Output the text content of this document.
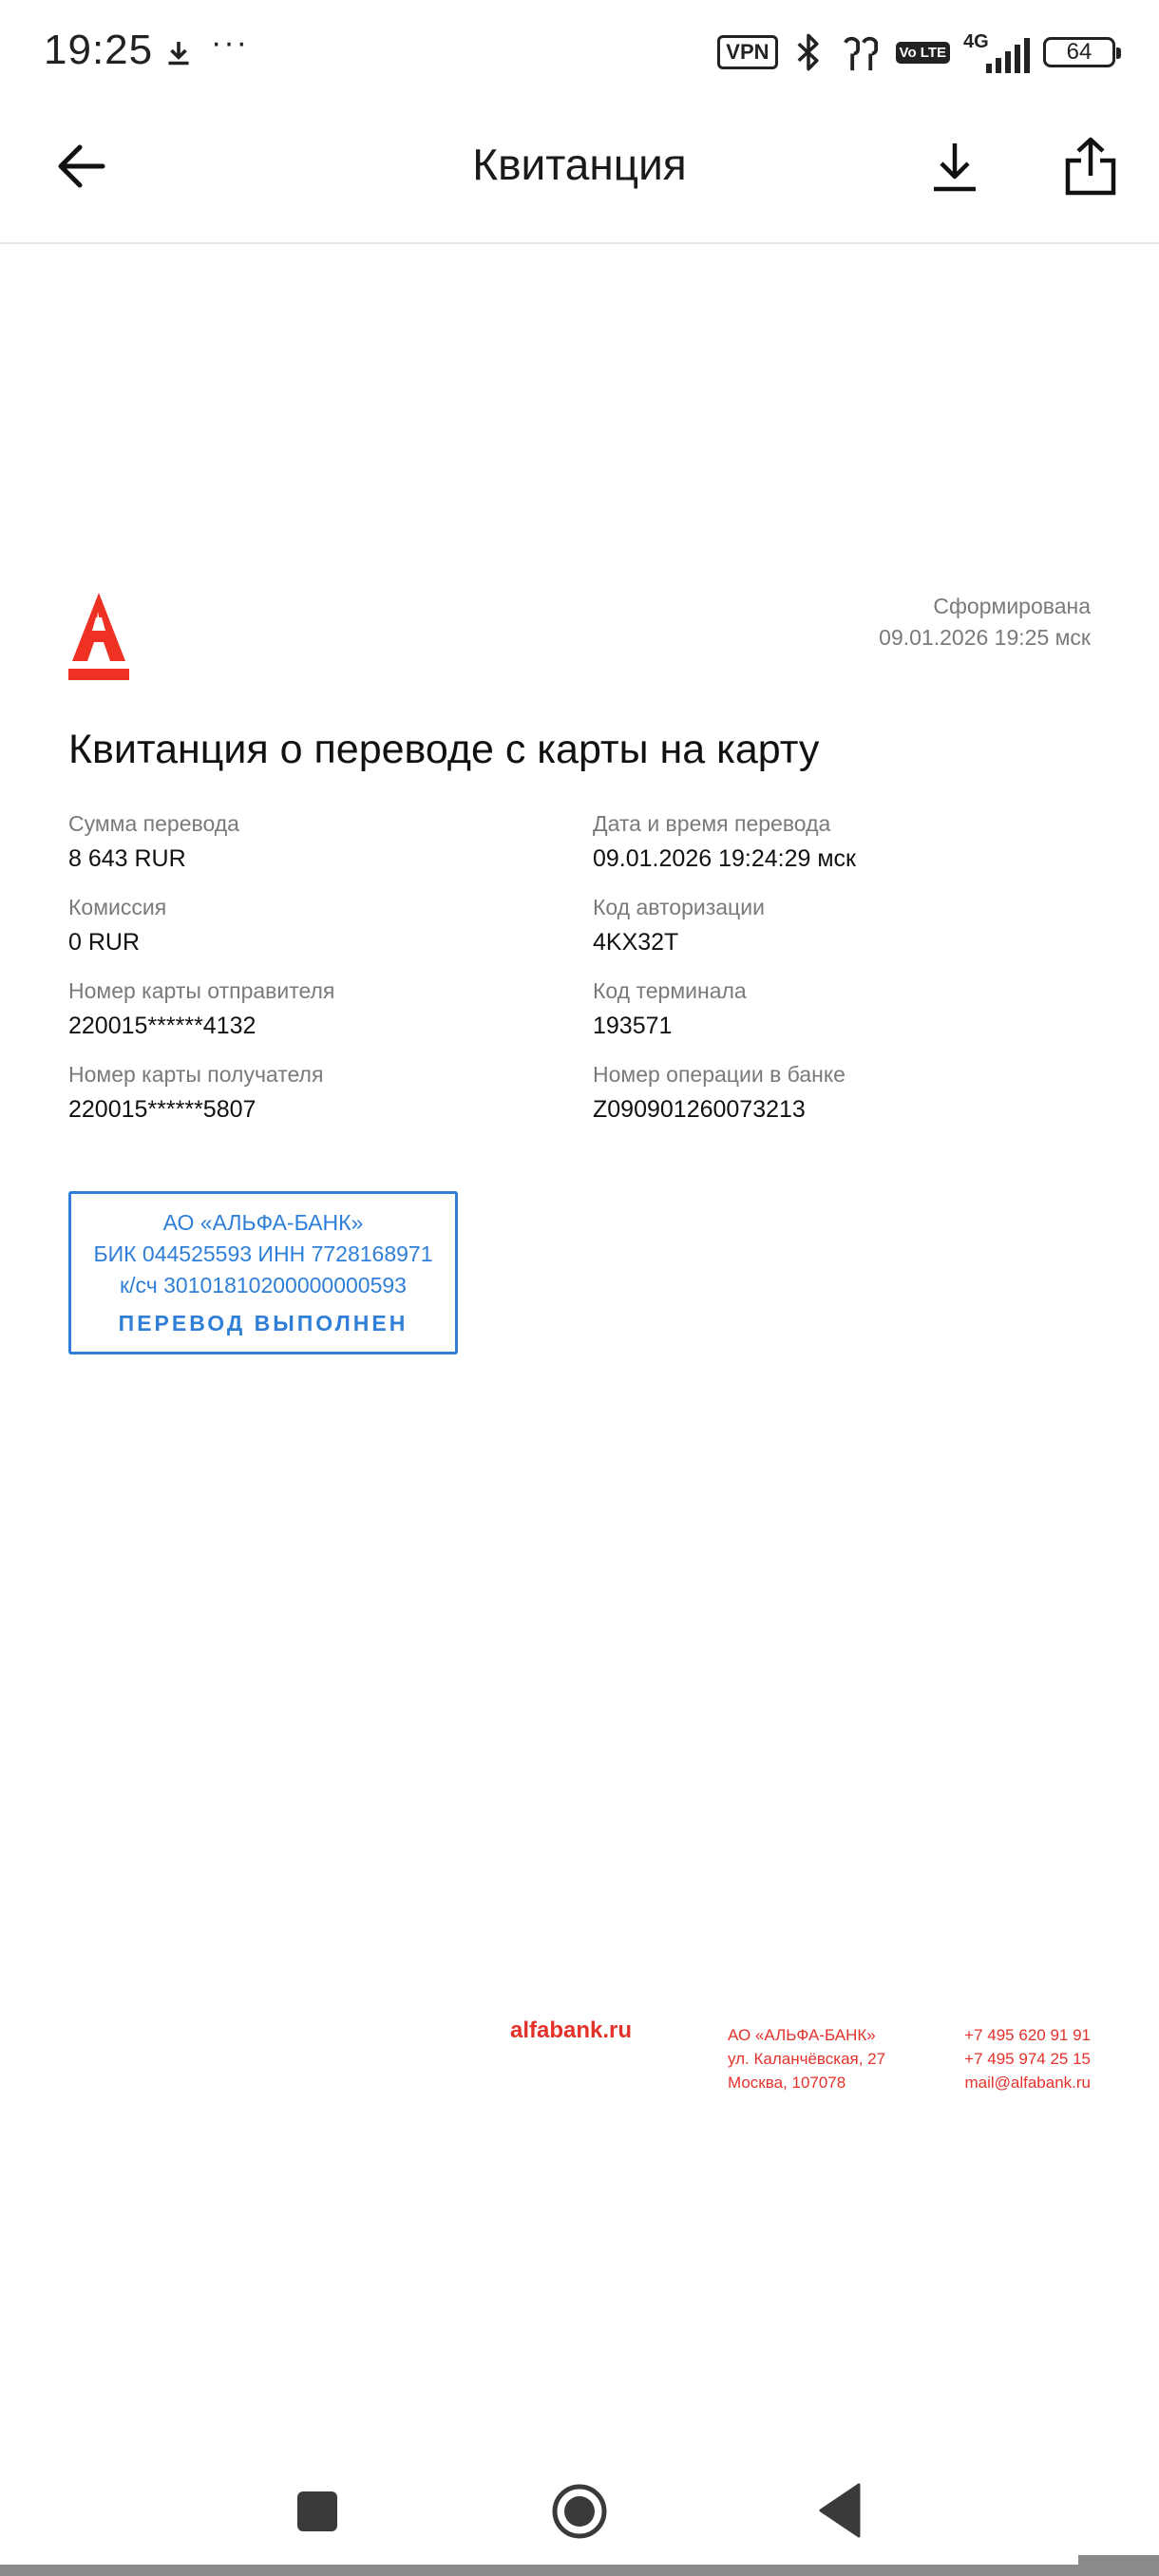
19:25 ···	VPN	Vo LTE 4G	64
Квитанция
Сформирована
09.01.2026 19:25 мск
Квитанция о переводе с карты на карту
Сумма перевода
8 643 RUR
Дата и время перевода
09.01.2026 19:24:29 мск
Комиссия
0 RUR
Код авторизации
4KX32T
Номер карты отправителя
220015******4132
Код терминала
193571
Номер карты получателя
220015******5807
Номер операции в банке
Z090901260073213
АО «АЛЬФА-БАНК»
БИК 044525593 ИНН 7728168971
к/сч 30101810200000000593
ПЕРЕВОД ВЫПОЛНЕН
alfabank.ru	АО «АЛЬФА-БАНК»
ул. Каланчёвская, 27
Москва, 107078
+7 495 620 91 91
+7 495 974 25 15
mail@alfabank.ru
